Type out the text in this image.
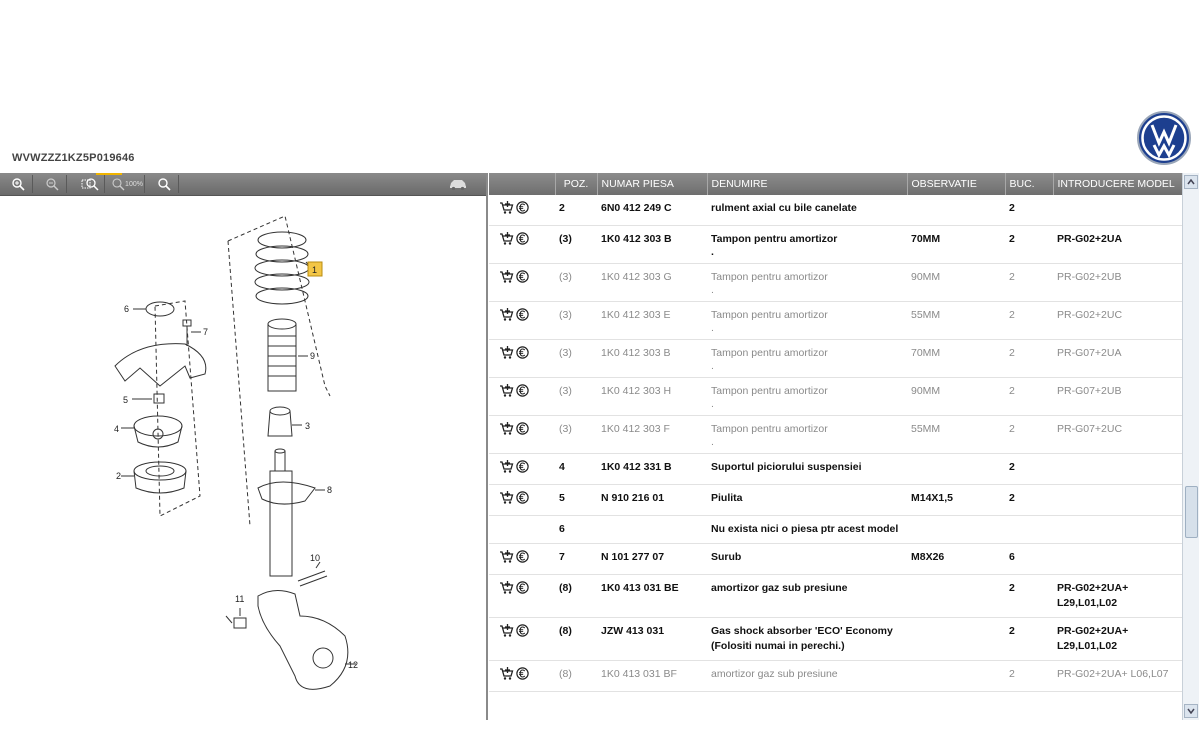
WVWZZZ1KZ5P019646
100%
1
2
3
4
5
6
7
8
9
10
11
12
	POZ.	NUMAR PIESA	DENUMIRE	OBSERVATIE	BUC.	INTRODUCERE MODEL

	2	6N0 412 249 C	rulment axial cu bile canelate		2	

	(3)	1K0 412 303 B	Tampon pentru amortizor
.	70MM	2	PR-G02+2UA

	(3)	1K0 412 303 G	Tampon pentru amortizor
.	90MM	2	PR-G02+2UB

	(3)	1K0 412 303 E	Tampon pentru amortizor
.	55MM	2	PR-G02+2UC

	(3)	1K0 412 303 B	Tampon pentru amortizor
.	70MM	2	PR-G07+2UA

	(3)	1K0 412 303 H	Tampon pentru amortizor
.	90MM	2	PR-G07+2UB

	(3)	1K0 412 303 F	Tampon pentru amortizor
.	55MM	2	PR-G07+2UC

	4	1K0 412 331 B	Suportul piciorului suspensiei		2	

	5	N 910 216 01	Piulita	M14X1,5	2	
	6		Nu exista nici o piesa ptr acest model			

	7	N 101 277 07	Surub	M8X26	6	

	(8)	1K0 413 031 BE	amortizor gaz sub presiune		2	PR-G02+2UA+ L29,L01,L02

	(8)	JZW 413 031	Gas shock absorber 'ECO' Economy (Folositi numai in perechi.)		2	PR-G02+2UA+ L29,L01,L02

	(8)	1K0 413 031 BF	amortizor gaz sub presiune		2	PR-G02+2UA+ L06,L07
